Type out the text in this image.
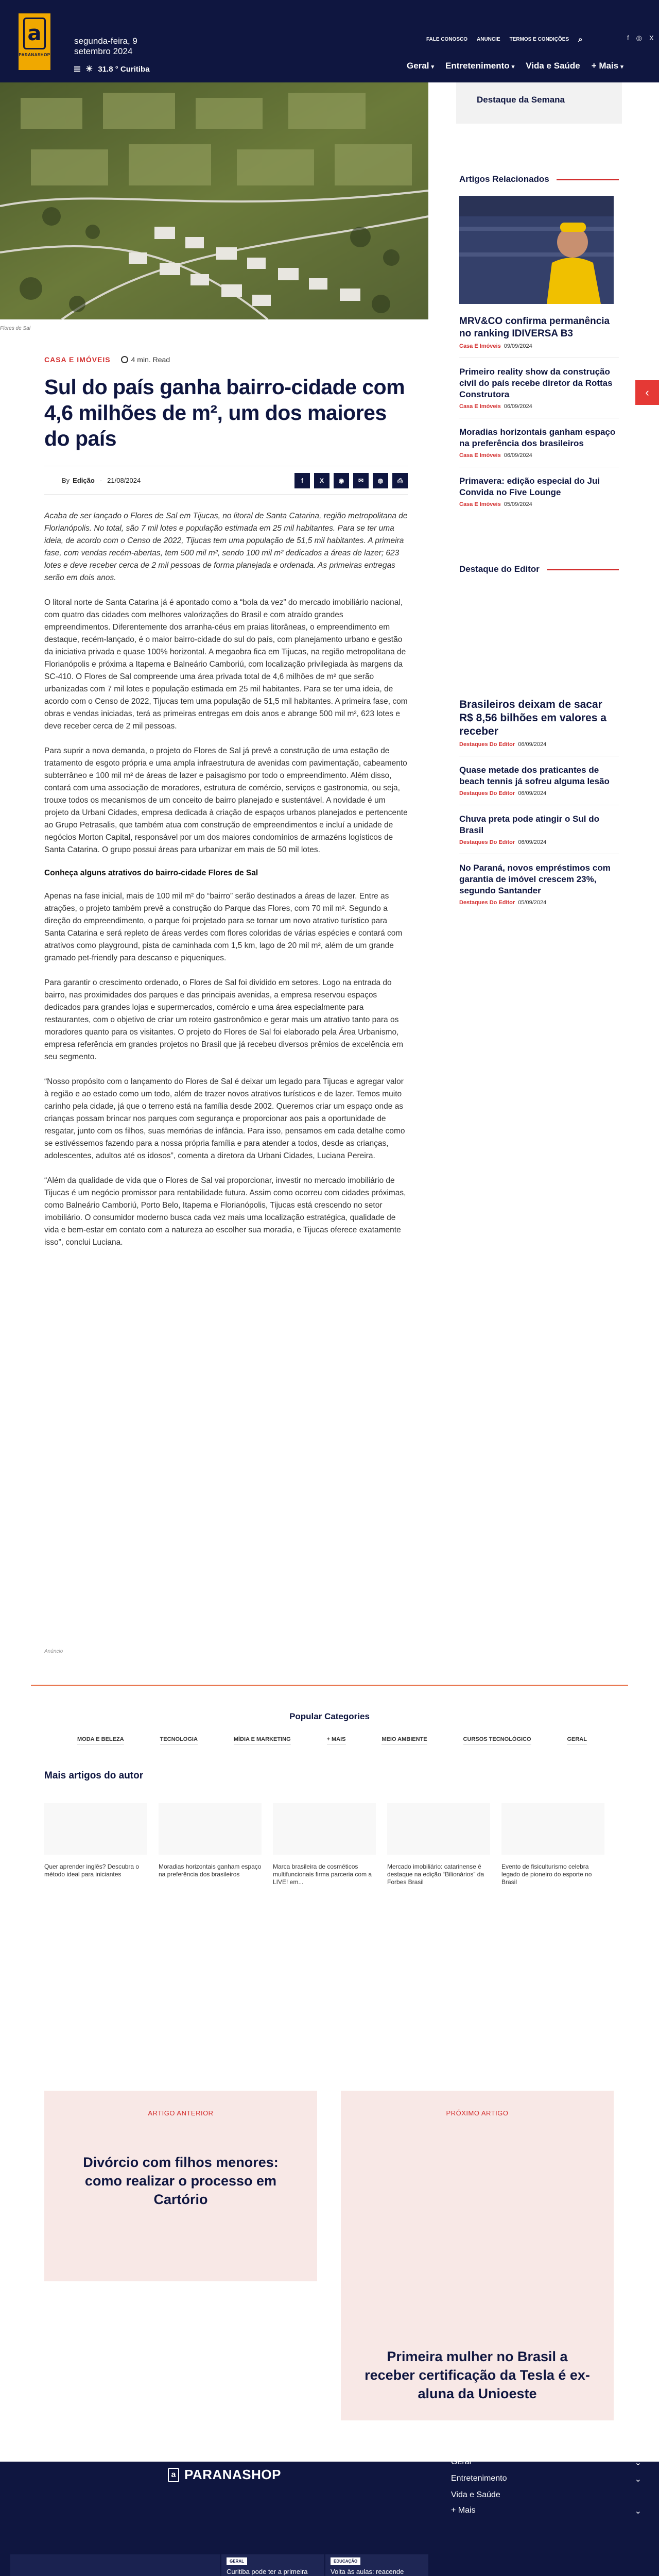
a
PARANASHOP
segunda-feira, 9 setembro 2024
☀ 31.8 ° Curitiba
FALE CONOSCO ANUNCIE TERMOS E CONDIÇÕES ⌕	f ◎ X
Geral ▾ Entretenimento ▾ Vida e Saúde + Mais ▾
Flores de Sal
CASA E IMÓVEIS	4 min. Read
Sul do país ganha bairro-cidade com 4,6 milhões de m², um dos maiores do país
By Edição - 21/08/2024	f	X	◉	✉	◍	⎙

Acaba de ser lançado o Flores de Sal em Tijucas, no litoral de Santa Catarina, região metropolitana de Florianópolis. No total, são 7 mil lotes e população estimada em 25 mil habitantes. Para se ter uma ideia, de acordo com o Censo de 2022, Tijucas tem uma população de 51,5 mil habitantes. A primeira fase, com vendas recém-abertas, tem 500 mil m², sendo 100 mil m² dedicados a áreas de lazer; 623 lotes e deve receber cerca de 2 mil pessoas de forma planejada e ordenada. As primeiras entregas serão em dois anos.

O litoral norte de Santa Catarina já é apontado como a “bola da vez” do mercado imobiliário nacional, com quatro das cidades com melhores valorizações do Brasil e com atraído grandes empreendimentos. Diferentemente dos arranha-céus em praias litorâneas, o empreendimento em destaque, recém-lançado, é o maior bairro-cidade do sul do país, com planejamento urbano e gestão da iniciativa privada e quase 100% horizontal. A megaobra fica em Tijucas, na região metropolitana de Florianópolis e próxima a Itapema e Balneário Camboriú, com localização privilegiada às margens da SC-410. O Flores de Sal compreende uma área privada total de 4,6 milhões de m² que serão urbanizadas com 7 mil lotes e população estimada em 25 mil habitantes. Para se ter uma ideia, de acordo com o Censo de 2022, Tijucas tem uma população de 51,5 mil habitantes. A primeira fase, com obras e vendas iniciadas, terá as primeiras entregas em dois anos e abrange 500 mil m², 623 lotes e deve receber cerca de 2 mil pessoas.

Para suprir a nova demanda, o projeto do Flores de Sal já prevê a construção de uma estação de tratamento de esgoto própria e uma ampla infraestrutura de avenidas com pavimentação, cabeamento subterrâneo e 100 mil m² de áreas de lazer e paisagismo por todo o empreendimento. Além disso, contará com uma associação de moradores, estrutura de comércio, serviços e gastronomia, ou seja, trouxe todos os mecanismos de um conceito de bairro planejado e sustentável. A novidade é um projeto da Urbani Cidades, empresa dedicada à criação de espaços urbanos planejados e pertencente ao Grupo Petrasalis, que também atua com construção de empreendimentos e incluí a unidade de negócios Morton Capital, responsável por um dos maiores condomínios de armazéns logísticos de Santa Catarina. O grupo possui áreas para urbanizar em mais de 50 mil lotes.

Conheça alguns atrativos do bairro-cidade Flores de Sal

Apenas na fase inicial, mais de 100 mil m² do “bairro” serão destinados a áreas de lazer. Entre as atrações, o projeto também prevê a construção do Parque das Flores, com 70 mil m². Segundo a direção do empreendimento, o parque foi projetado para se tornar um novo atrativo turístico para Santa Catarina e será repleto de áreas verdes com flores coloridas de várias espécies e contará com atrativos como playground, pista de caminhada com 1,5 km, lago de 20 mil m², além de um grande gramado pet-friendly para descanso e piqueniques.

Para garantir o crescimento ordenado, o Flores de Sal foi dividido em setores. Logo na entrada do bairro, nas proximidades dos parques e das principais avenidas, a empresa reservou espaços dedicados para grandes lojas e supermercados, comércio e uma área especialmente para restaurantes, com o objetivo de criar um roteiro gastronômico e gerar mais um atrativo tanto para os moradores quanto para os visitantes. O projeto do Flores de Sal foi elaborado pela Área Urbanismo, empresa referência em grandes projetos no Brasil que já recebeu diversos prêmios de excelência em seu segmento.

“Nosso propósito com o lançamento do Flores de Sal é deixar um legado para Tijucas e agregar valor à região e ao estado como um todo, além de trazer novos atrativos turísticos e de lazer. Temos muito carinho pela cidade, já que o terreno está na família desde 2002. Queremos criar um espaço onde as crianças possam brincar nos parques com segurança e proporcionar aos pais a oportunidade de resgatar, junto com os filhos, suas memórias de infância. Para isso, pensamos em cada detalhe como se estivéssemos fazendo para a nossa própria família e para atender a todos, desde as crianças, adolescentes, adultos até os idosos”, comenta a diretora da Urbani Cidades, Luciana Pereira.

“Além da qualidade de vida que o Flores de Sal vai proporcionar, investir no mercado imobiliário de Tijucas é um negócio promissor para rentabilidade futura. Assim como ocorreu com cidades próximas, como Balneário Camboriú, Porto Belo, Itapema e Florianópolis, Tijucas está crescendo no setor imobiliário. O consumidor moderno busca cada vez mais uma localização estratégica, qualidade de vida e bem-estar em contato com a natureza ao escolher sua moradia, e Tijucas oferece exatamente isso”, conclui Luciana.

Destaque da Semana
Artigos Relacionados
MRV&CO confirma permanência no ranking IDIVERSA B3
Casa E Imóveis 09/09/2024
Primeiro reality show da construção civil do país recebe diretor da Rottas Construtora
Casa E Imóveis 06/09/2024
Moradias horizontais ganham espaço na preferência dos brasileiros
Casa E Imóveis 06/09/2024
Primavera: edição especial do Jui Convida no Five Lounge
Casa E Imóveis 05/09/2024
Destaque do Editor
Brasileiros deixam de sacar R$ 8,56 bilhões em valores a receber
Destaques Do Editor 06/09/2024
Quase metade dos praticantes de beach tennis já sofreu alguma lesão
Destaques Do Editor 06/09/2024
Chuva preta pode atingir o Sul do Brasil
Destaques Do Editor 06/09/2024
No Paraná, novos empréstimos com garantia de imóvel crescem 23%, segundo Santander
Destaques Do Editor 05/09/2024
‹
Anúncio
Popular Categories
MODA E BELEZA	TECNOLOGIA	MÍDIA E MARKETING	+ MAIS	MEIO AMBIENTE	CURSOS TECNOLÓGICO	GERAL
Mais artigos do autor
Quer aprender inglês? Descubra o método ideal para iniciantes
Moradias horizontais ganham espaço na preferência dos brasileiros
Marca brasileira de cosméticos multifuncionais firma parceria com a LIVE! em...
Mercado imobiliário: catarinense é destaque na edição “Bilionários” da Forbes Brasil
Evento de fisiculturismo celebra legado de pioneiro do esporte no Brasil
ARTIGO ANTERIOR
Divórcio com filhos menores: como realizar o processo em Cartório
PRÓXIMO ARTIGO
Primeira mulher no Brasil a receber certificação da Tesla é ex-aluna da Unioeste
a PARANASHOP
Geral	⌄
Entretenimento	⌄
Vida e Saúde
+ Mais	⌄
GERAL
Curitiba pode ter a primeira
EDUCAÇÃO
Volta às aulas: reacende
